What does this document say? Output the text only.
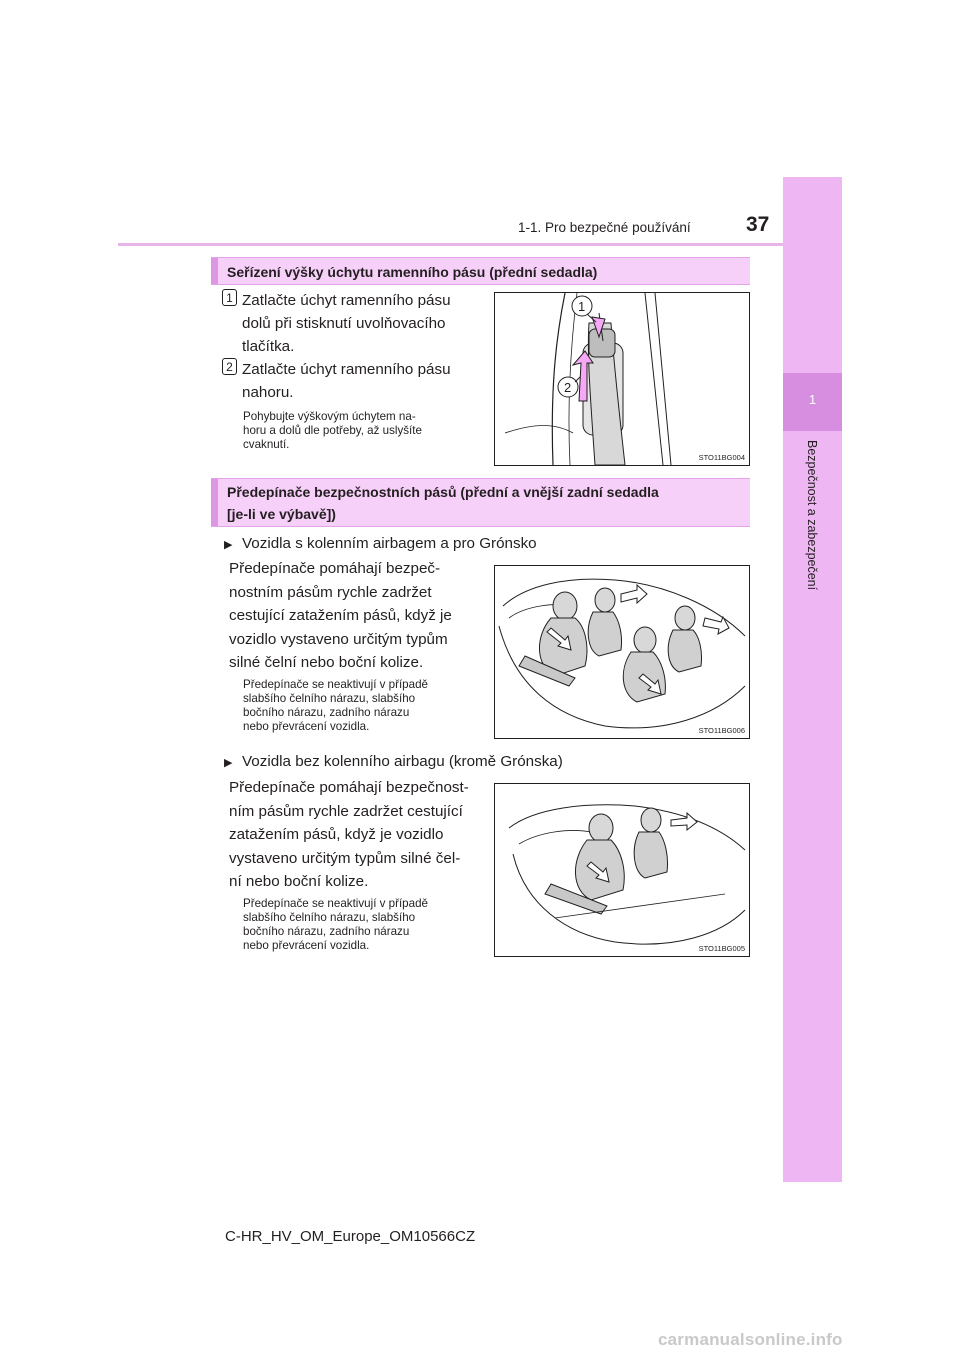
1-1. Pro bezpečné používání	37
1
Bezpečnost a zabezpečení
Seřízení výšky úchytu ramenního pásu (přední sedadla)
1 Zatlačte úchyt ramenního pásu
dolů při stisknutí uvolňovacího
tlačítka.
2 Zatlačte úchyt ramenního pásu
nahoru.
Pohybujte výškovým úchytem na-
horu a dolů dle potřeby, až uslyšíte
cvaknutí.
1
2
STO11BG004
Předepínače bezpečnostních pásů (přední a vnější zadní sedadla
[je-li ve výbavě])
▶ Vozidla s kolenním airbagem a pro Grónsko
Předepínače pomáhají bezpeč-
nostním pásům rychle zadržet
cestující zatažením pásů, když je
vozidlo vystaveno určitým typům
silné čelní nebo boční kolize.
Předepínače se neaktivují v případě
slabšího čelního nárazu, slabšího
bočního nárazu, zadního nárazu
nebo převrácení vozidla.	STO11BG006
▶ Vozidla bez kolenního airbagu (kromě Grónska)
Předepínače pomáhají bezpečnost-
ním pásům rychle zadržet cestující
zatažením pásů, když je vozidlo
vystaveno určitým typům silné čel-
ní nebo boční kolize.
Předepínače se neaktivují v případě
slabšího čelního nárazu, slabšího
bočního nárazu, zadního nárazu
nebo převrácení vozidla.	STO11BG005
C-HR_HV_OM_Europe_OM10566CZ
carmanualsonline.info
